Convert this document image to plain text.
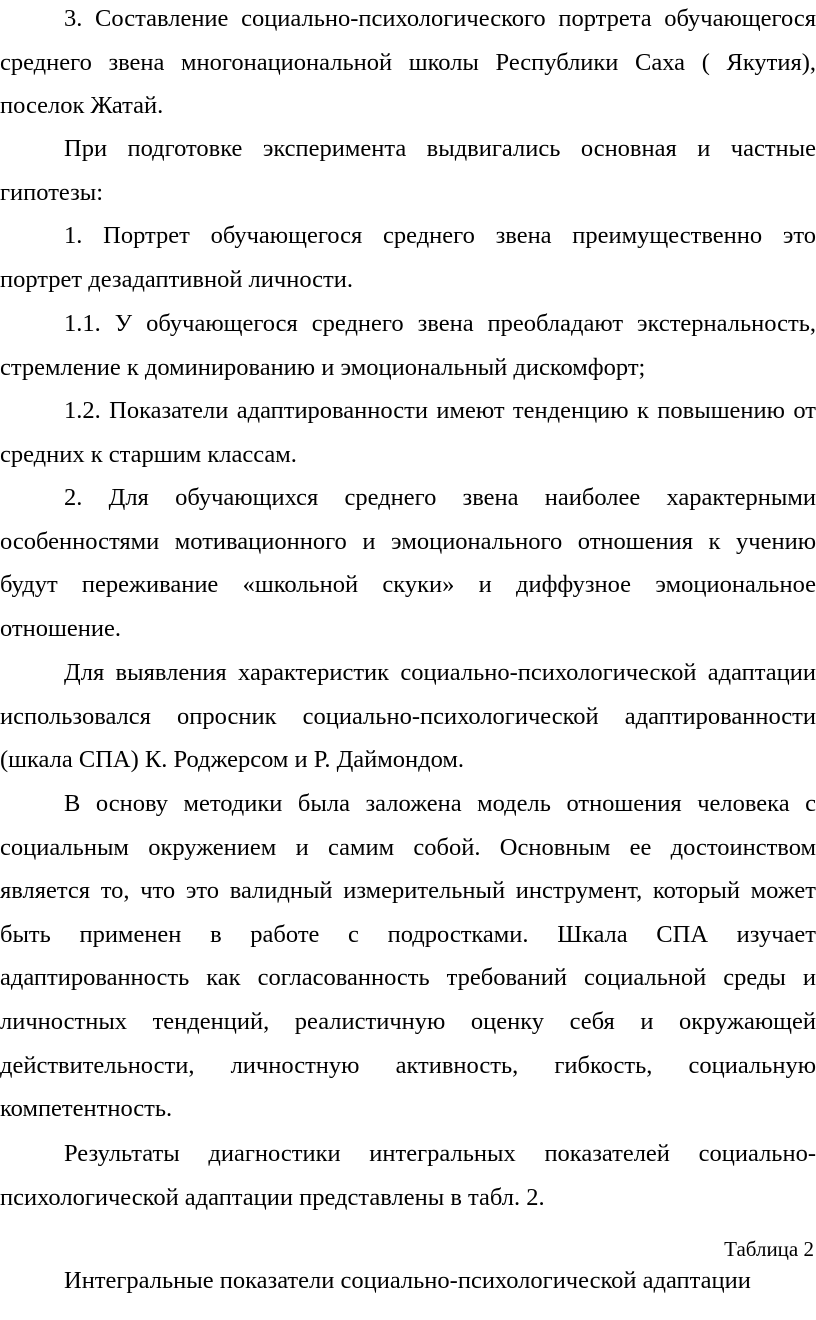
3. Составление социально-психологического портрета обучающегося среднего звена многонациональной школы Республики Саха ( Якутия), поселок Жатай.

При подготовке эксперимента выдвигались основная и частные гипотезы:

1. Портрет обучающегося среднего звена преимущественно это портрет дезадаптивной личности.

1.1. У обучающегося среднего звена преобладают экстернальность, стремление к доминированию и эмоциональный дискомфорт;

1.2. Показатели адаптированности имеют тенденцию к повышению от средних к старшим классам.

2. Для обучающихся среднего звена наиболее характерными особенностями мотивационного и эмоционального отношения к учению будут переживание «школьной скуки» и диффузное эмоциональное отношение.

Для выявления характеристик социально-психологической адаптации использовался опросник социально-психологической адаптированности (шкала СПА) К. Роджерсом и Р. Даймондом.

В основу методики была заложена модель отношения человека с социальным окружением и самим собой. Основным ее достоинством является то, что это валидный измерительный инструмент, который может быть применен в работе с подростками. Шкала СПА изучает адаптированность как согласованность требований социальной среды и личностных тенденций, реалистичную оценку себя и окружающей действительности, личностную активность, гибкость, социальную компетентность.

Результаты диагностики интегральных показателей социально-психологической адаптации представлены в табл. 2.

Таблица 2

Интегральные показатели социально-психологической адаптации
